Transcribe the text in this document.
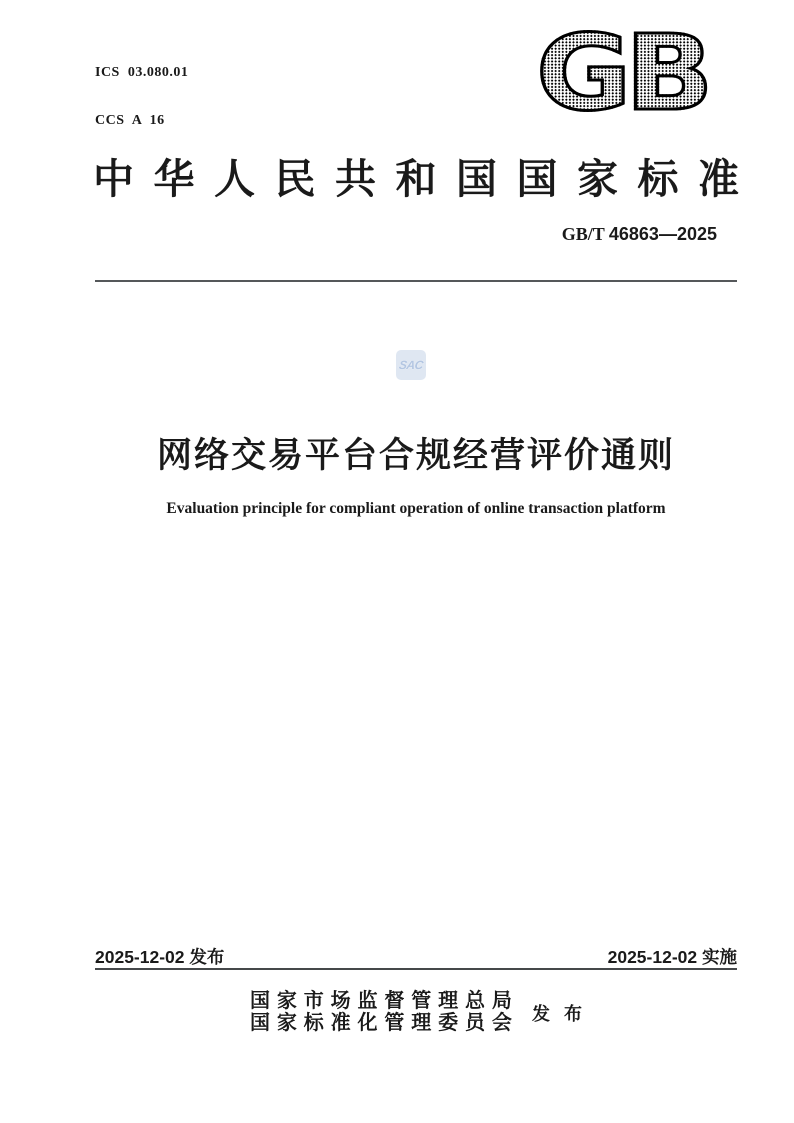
ICS  03.080.01

CCS  A  16

	GB
中 华 人 民 共 和 国 国 家 标 准
GB/T 46863—2025
SAC
网络交易平台合规经营评价通则
Evaluation principle for compliant operation of online transaction platform
2025-12-02 发布	2025-12-02 实施
国 家 市 场 监 督 管 理 总 局
国 家 标 准 化 管 理 委 员 会 发 布
